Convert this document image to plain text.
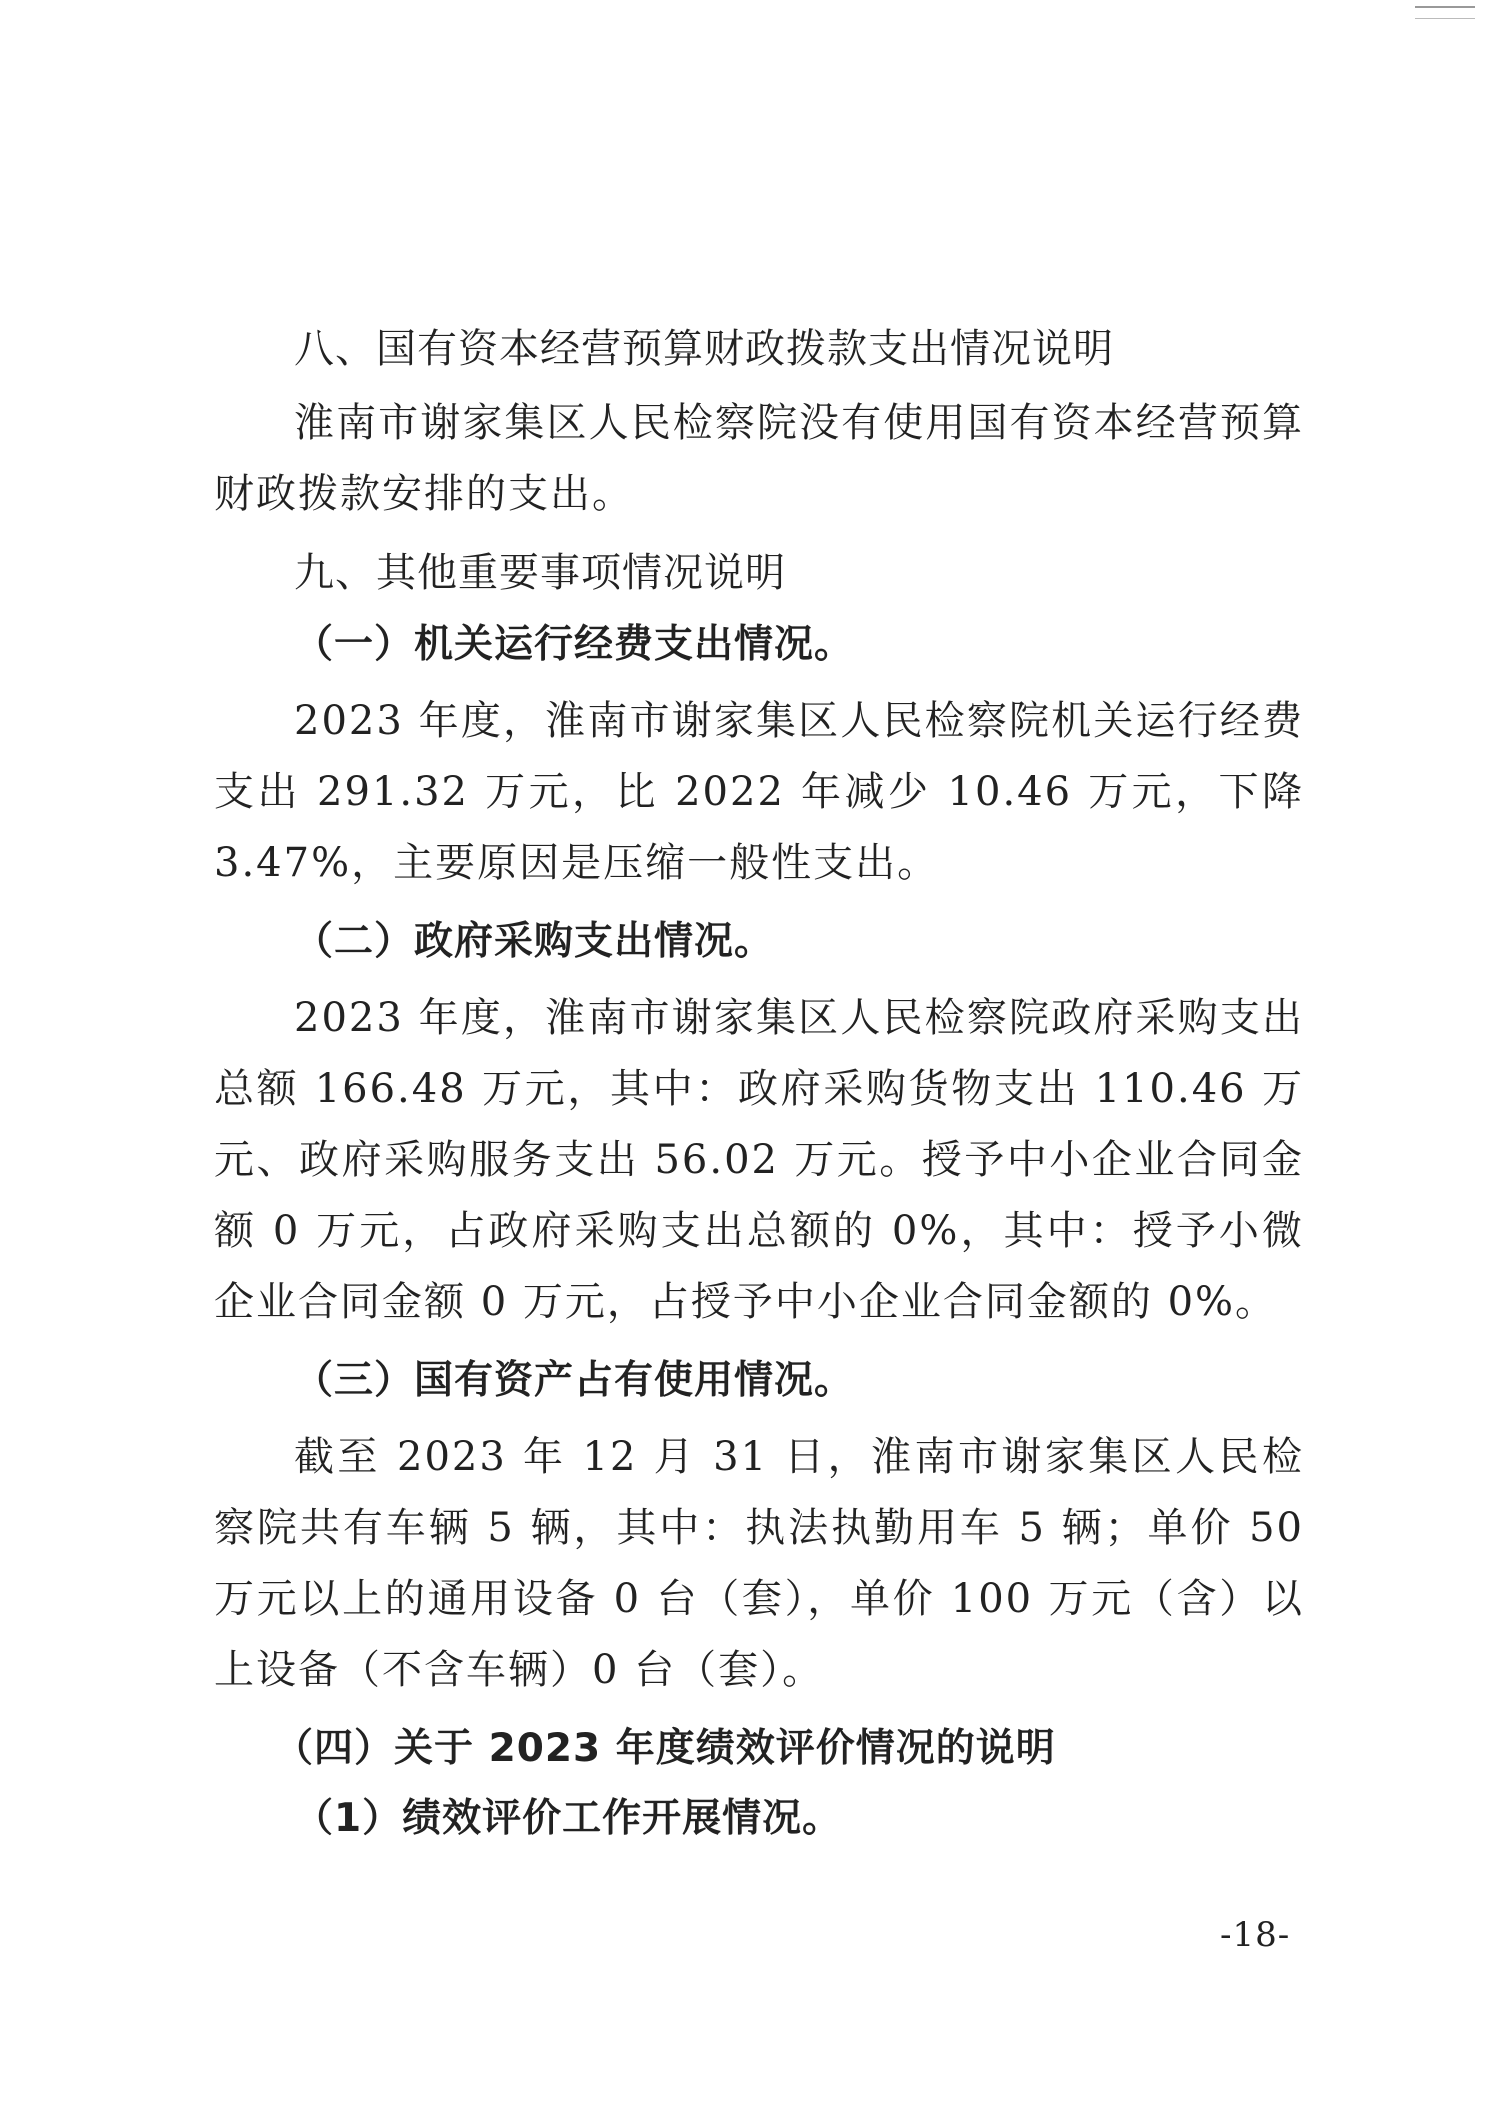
八、国有资本经营预算财政拨款支出情况说明

淮南市谢家集区人民检察院没有使用国有资本经营预算财政拨款安排的支出。

九、其他重要事项情况说明

（一）机关运行经费支出情况。

2023 年度，淮南市谢家集区人民检察院机关运行经费支出 291.32 万元，比 2022 年减少 10.46 万元，下降 3.47%，主要原因是压缩一般性支出。

（二）政府采购支出情况。

2023 年度，淮南市谢家集区人民检察院政府采购支出总额 166.48 万元，其中：政府采购货物支出 110.46 万元、政府采购服务支出 56.02 万元。授予中小企业合同金额 0 万元，占政府采购支出总额的 0%，其中：授予小微企业合同金额 0 万元，占授予中小企业合同金额的 0%。

（三）国有资产占有使用情况。

截至 2023 年 12 月 31 日，淮南市谢家集区人民检察院共有车辆 5 辆，其中：执法执勤用车 5 辆；单价 50 万元以上的通用设备 0 台（套），单价 100 万元（含）以上设备（不含车辆）0 台（套）。

（四）关于 2023 年度绩效评价情况的说明

（1）绩效评价工作开展情况。

-18-
